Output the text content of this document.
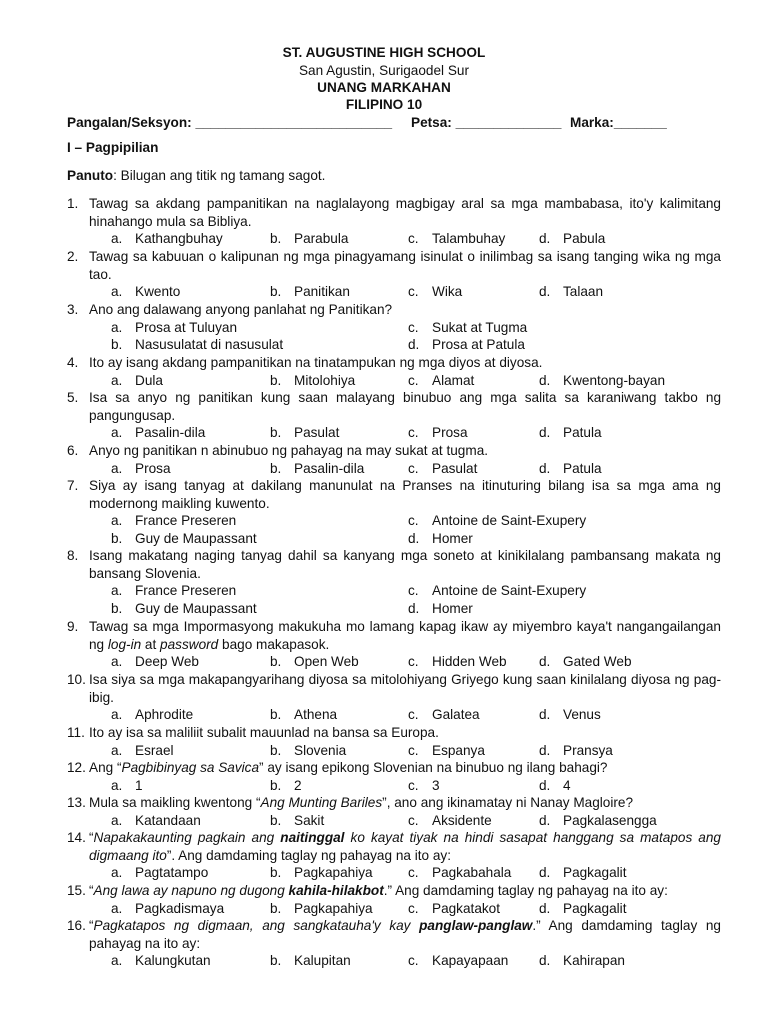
ST. AUGUSTINE HIGH SCHOOL
San Agustin, Surigaodel Sur
UNANG MARKAHAN
FILIPINO 10
Pangalan/Seksyon: __________________________ Petsa: ______________ Marka:_______
I – Pagpipilian
Panuto: Bilugan ang titik ng tamang sagot.
1. Tawag sa akdang pampanitikan na naglalayong magbigay aral sa mga mambabasa, ito'y kalimitang hinahango mula sa Bibliya.
a. Kathangbuhay	b. Parabula	c. Talambuhay d. Pabula
2. Tawag sa kabuuan o kalipunan ng mga pinagyamang isinulat o inilimbag sa isang tanging wika ng mga tao.
a. Kwento	b. Panitikan	c. Wika	d. Talaan
3. Ano ang dalawang anyong panlahat ng Panitikan?
a. Prosa at Tuluyan	c. Sukat at Tugma
b. Nasusulatat di nasusulat	d. Prosa at Patula
4. Ito ay isang akdang pampanitikan na tinatampukan ng mga diyos at diyosa.
a. Dula	b. Mitolohiya	c. Alamat	d. Kwentong-bayan
5. Isa sa anyo ng panitikan kung saan malayang binubuo ang mga salita sa karaniwang takbo ng pangungusap.
a. Pasalin-dila	b. Pasulat	c. Prosa	d. Patula
6. Anyo ng panitikan n abinubuo ng pahayag na may sukat at tugma.
a. Prosa	b. Pasalin-dila	c. Pasulat	d. Patula
7. Siya ay isang tanyag at dakilang manunulat na Pranses na itinuturing bilang isa sa mga ama ng modernong maikling kuwento.
a. France Preseren	c. Antoine de Saint-Exupery
b. Guy de Maupassant	d. Homer
8. Isang makatang naging tanyag dahil sa kanyang mga soneto at kinikilalang pambansang makata ng bansang Slovenia.
a. France Preseren	c. Antoine de Saint-Exupery
b. Guy de Maupassant	d. Homer
9. Tawag sa mga Impormasyong makukuha mo lamang kapag ikaw ay miyembro kaya't nangangailangan ng log-in at password bago makapasok.
a. Deep Web	b. Open Web	c. Hidden Web d. Gated Web
10. Isa siya sa mga makapangyarihang diyosa sa mitolohiyang Griyego kung saan kinilalang diyosa ng pag-ibig.
a. Aphrodite	b. Athena	c. Galatea	d. Venus
11. Ito ay isa sa maliliit subalit mauunlad na bansa sa Europa.
a. Esrael	b. Slovenia	c. Espanya	d. Pransya
12. Ang “Pagbibinyag sa Savica” ay isang epikong Slovenian na binubuo ng ilang bahagi?
a. 1	b. 2	c. 3	d. 4
13. Mula sa maikling kwentong “Ang Munting Bariles”, ano ang ikinamatay ni Nanay Magloire?
a. Katandaan	b. Sakit	c. Aksidente	d. Pagkalasengga
14. “Napakakaunting pagkain ang naitinggal ko kayat tiyak na hindi sasapat hanggang sa matapos ang digmaang ito”. Ang damdaming taglay ng pahayag na ito ay:
a. Pagtatampo	b. Pagkapahiya	c. Pagkabahala d. Pagkagalit
15. “Ang lawa ay napuno ng dugong kahila-hilakbot.” Ang damdaming taglay ng pahayag na ito ay:
a. Pagkadismaya	b. Pagkapahiya	c. Pagkatakot	d. Pagkagalit
16. “Pagkatapos ng digmaan, ang sangkatauha'y kay panglaw-panglaw.” Ang damdaming taglay ng pahayag na ito ay:
a. Kalungkutan	b. Kalupitan	c. Kapayapaan d. Kahirapan
